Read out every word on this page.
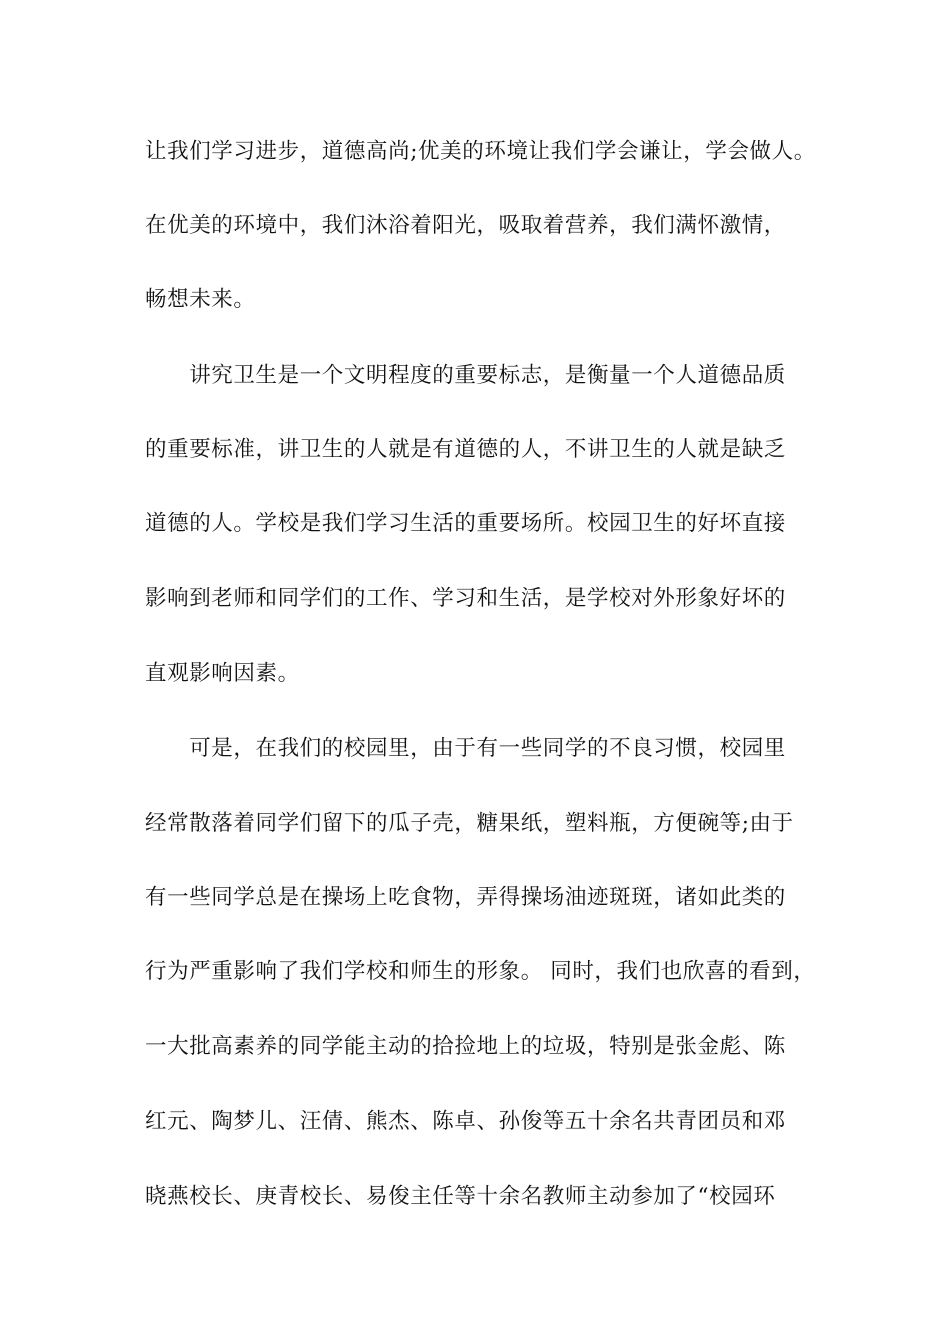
让我们学习进步，道德高尚;优美的环境让我们学会谦让，学会做人。
在优美的环境中，我们沐浴着阳光，吸取着营养，我们满怀激情，
畅想未来。
　　讲究卫生是一个文明程度的重要标志，是衡量一个人道德品质
的重要标准，讲卫生的人就是有道德的人，不讲卫生的人就是缺乏
道德的人。学校是我们学习生活的重要场所。校园卫生的好坏直接
影响到老师和同学们的工作、学习和生活，是学校对外形象好坏的
直观影响因素。
　　可是，在我们的校园里，由于有一些同学的不良习惯，校园里
经常散落着同学们留下的瓜子壳，糖果纸，塑料瓶，方便碗等;由于
有一些同学总是在操场上吃食物，弄得操场油迹斑斑，诸如此类的
行为严重影响了我们学校和师生的形象。 同时，我们也欣喜的看到，
一大批高素养的同学能主动的拾捡地上的垃圾，特别是张金彪、陈
红元、陶梦儿、汪倩、熊杰、陈卓、孙俊等五十余名共青团员和邓
晓燕校长、庚青校长、易俊主任等十余名教师主动参加了“校园环
